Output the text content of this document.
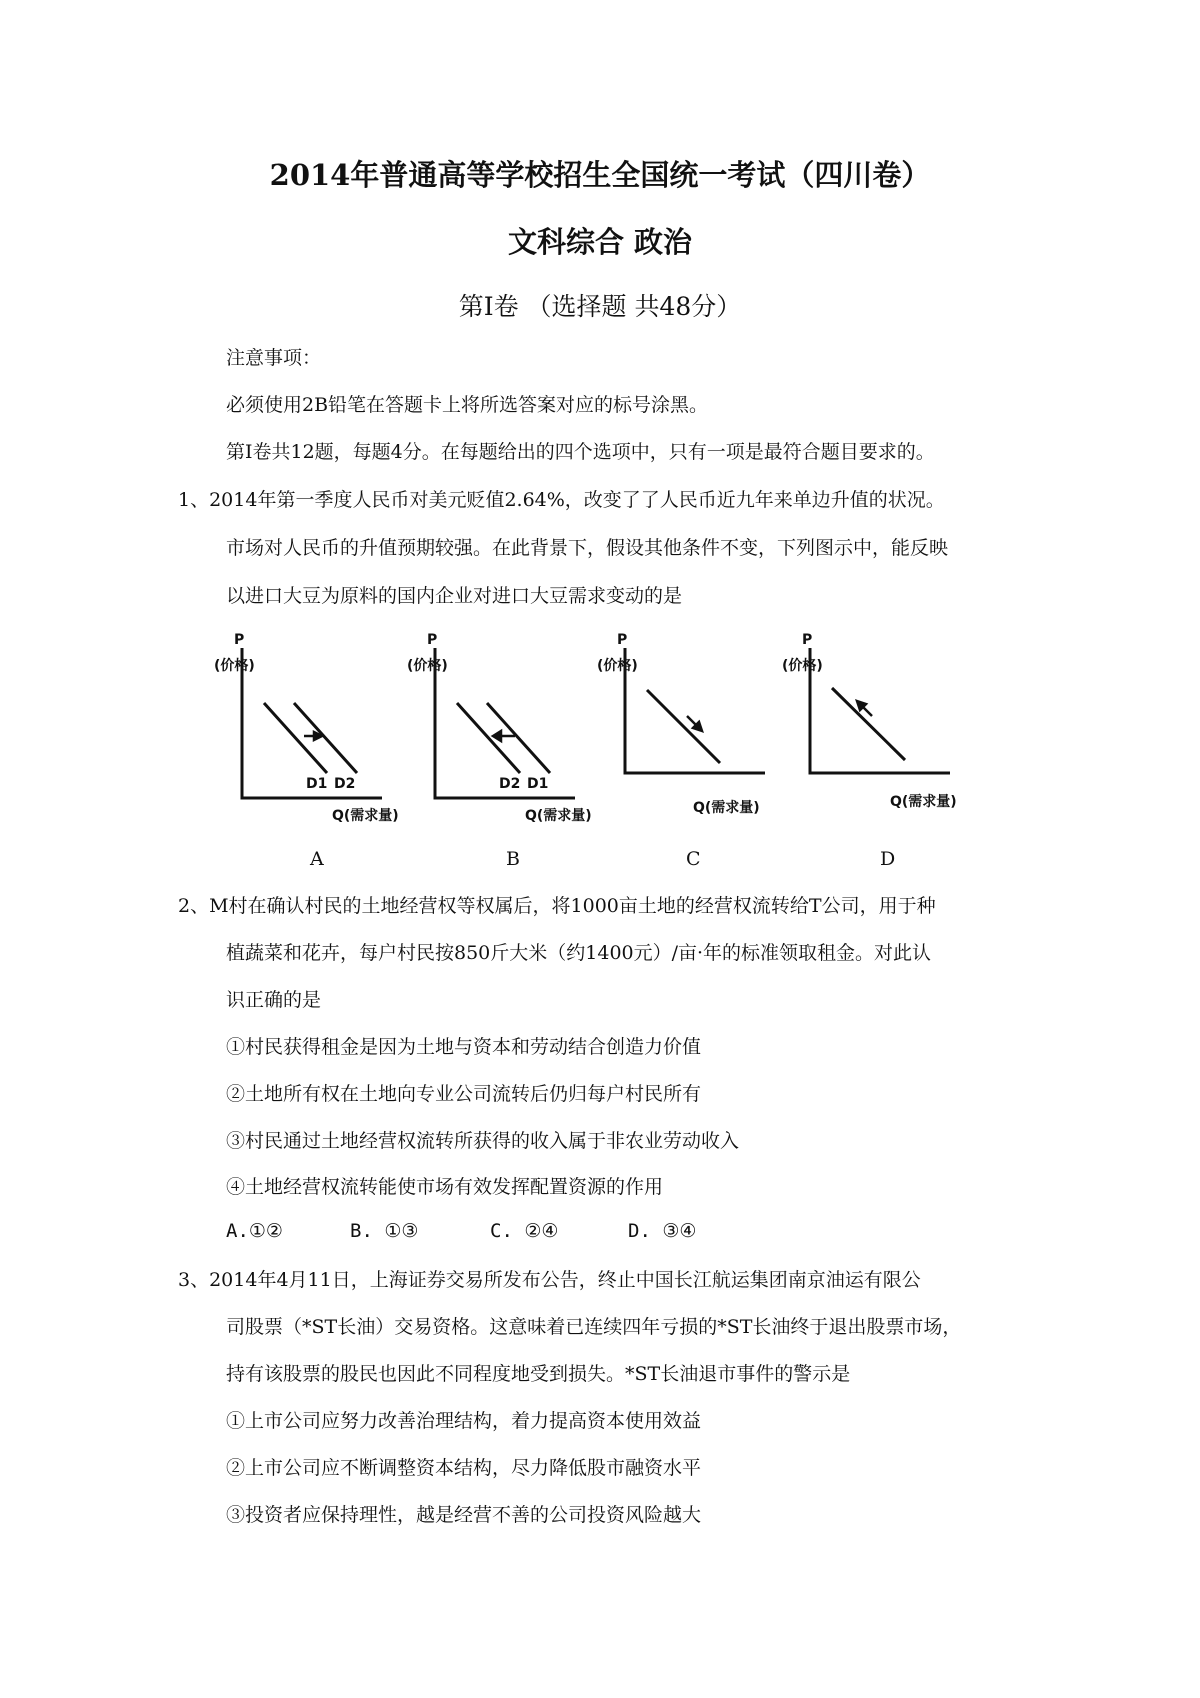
2014年普通高等学校招生全国统一考试（四川卷）
文科综合 政治
第Ⅰ卷 （选择题 共48分）
注意事项：
必须使用2B铅笔在答题卡上将所选答案对应的标号涂黑。
第Ⅰ卷共12题，每题4分。在每题给出的四个选项中，只有一项是最符合题目要求的。
1、2014年第一季度人民币对美元贬值2.64%，改变了了人民币近九年来单边升值的状况。
市场对人民币的升值预期较强。在此背景下，假设其他条件不变，下列图示中，能反映
以进口大豆为原料的国内企业对进口大豆需求变动的是
P
(价格)
D1 D2
Q(需求量)
A
P
(价格)
D2 D1
Q(需求量)
B
P
(价格)
Q(需求量)
C
P
(价格)
Q(需求量)
D
2、M村在确认村民的土地经营权等权属后，将1000亩土地的经营权流转给T公司，用于种
植蔬菜和花卉，每户村民按850斤大米（约1400元）/亩·年的标准领取租金。对此认
识正确的是
①村民获得租金是因为土地与资本和劳动结合创造力价值
②土地所有权在土地向专业公司流转后仍归每户村民所有
③村民通过土地经营权流转所获得的收入属于非农业劳动收入
④土地经营权流转能使市场有效发挥配置资源的作用
A.①②	B. ①③	C. ②④	D. ③④
3、2014年4月11日，上海证券交易所发布公告，终止中国长江航运集团南京油运有限公
司股票（*ST长油）交易资格。这意味着已连续四年亏损的*ST长油终于退出股票市场，
持有该股票的股民也因此不同程度地受到损失。*ST长油退市事件的警示是
①上市公司应努力改善治理结构，着力提高资本使用效益
②上市公司应不断调整资本结构，尽力降低股市融资水平
③投资者应保持理性，越是经营不善的公司投资风险越大
